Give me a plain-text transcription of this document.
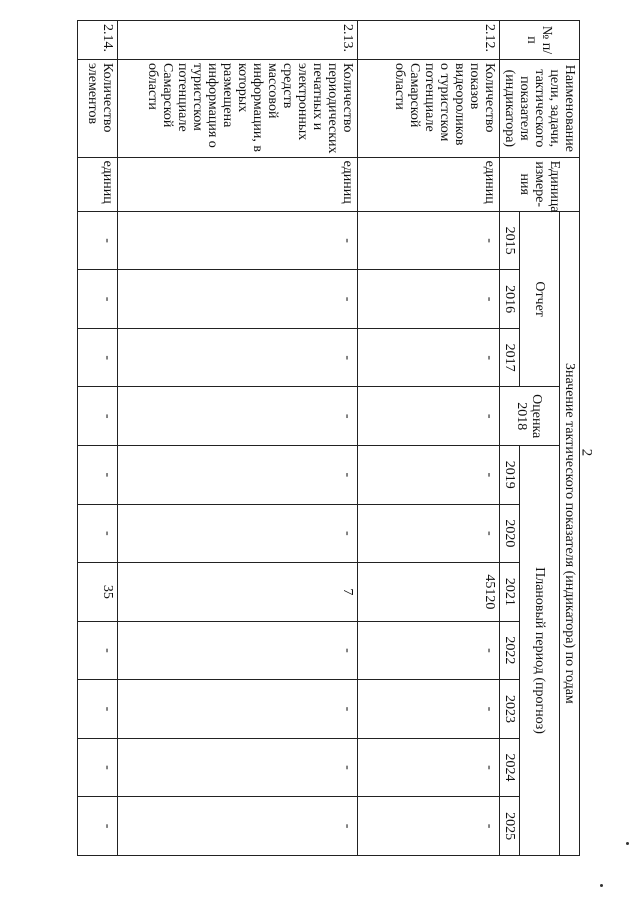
2
№ п/п	Наименование цели, задачи, тактического показателя (индикатора)	Единица измере-ния	Значение тактического показателя (индикатора) по годам										
			Отчет			Оценка 2018	Плановый период (прогноз)						
			2015	2016	2017		2019	2020	2021	2022	2023	2024	2025
2.12.	Количество показов видеороликов о туристском потенциале Самарской области	единиц	-	-	-	-	-	-	45120	-	-	-	-
2.13.	Количество периодических печатных и электронных средств массовой информации, в которых размещена информация о туристском потенциале Самарской области	единиц	-	-	-	-	-	-	7	-	-	-	-
2.14.	Количество элементов	единиц	-	-	-	-	-	-	35	-	-	-	-
